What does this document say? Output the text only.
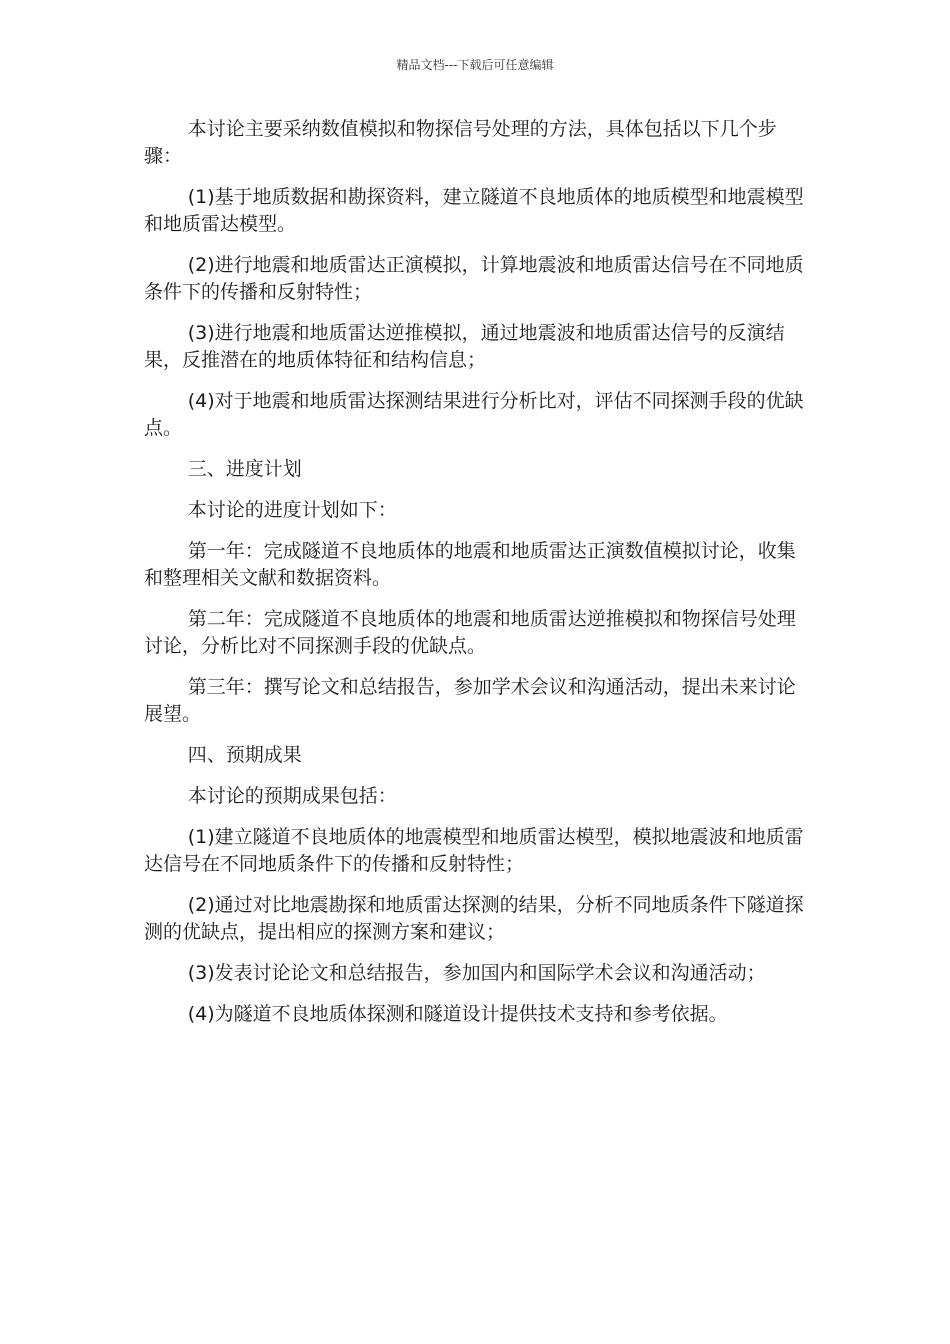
精品文档---下载后可任意编辑

本讨论主要采纳数值模拟和物探信号处理的方法，具体包括以下几个步骤：

(1)基于地质数据和勘探资料，建立隧道不良地质体的地质模型和地震模型和地质雷达模型。

(2)进行地震和地质雷达正演模拟，计算地震波和地质雷达信号在不同地质条件下的传播和反射特性；

(3)进行地震和地质雷达逆推模拟，通过地震波和地质雷达信号的反演结果，反推潜在的地质体特征和结构信息；

(4)对于地震和地质雷达探测结果进行分析比对，评估不同探测手段的优缺点。

三、进度计划

本讨论的进度计划如下：

第一年：完成隧道不良地质体的地震和地质雷达正演数值模拟讨论，收集和整理相关文献和数据资料。

第二年：完成隧道不良地质体的地震和地质雷达逆推模拟和物探信号处理讨论，分析比对不同探测手段的优缺点。

第三年：撰写论文和总结报告，参加学术会议和沟通活动，提出未来讨论展望。

四、预期成果

本讨论的预期成果包括：

(1)建立隧道不良地质体的地震模型和地质雷达模型，模拟地震波和地质雷达信号在不同地质条件下的传播和反射特性；

(2)通过对比地震勘探和地质雷达探测的结果，分析不同地质条件下隧道探测的优缺点，提出相应的探测方案和建议；

(3)发表讨论论文和总结报告，参加国内和国际学术会议和沟通活动；

(4)为隧道不良地质体探测和隧道设计提供技术支持和参考依据。
